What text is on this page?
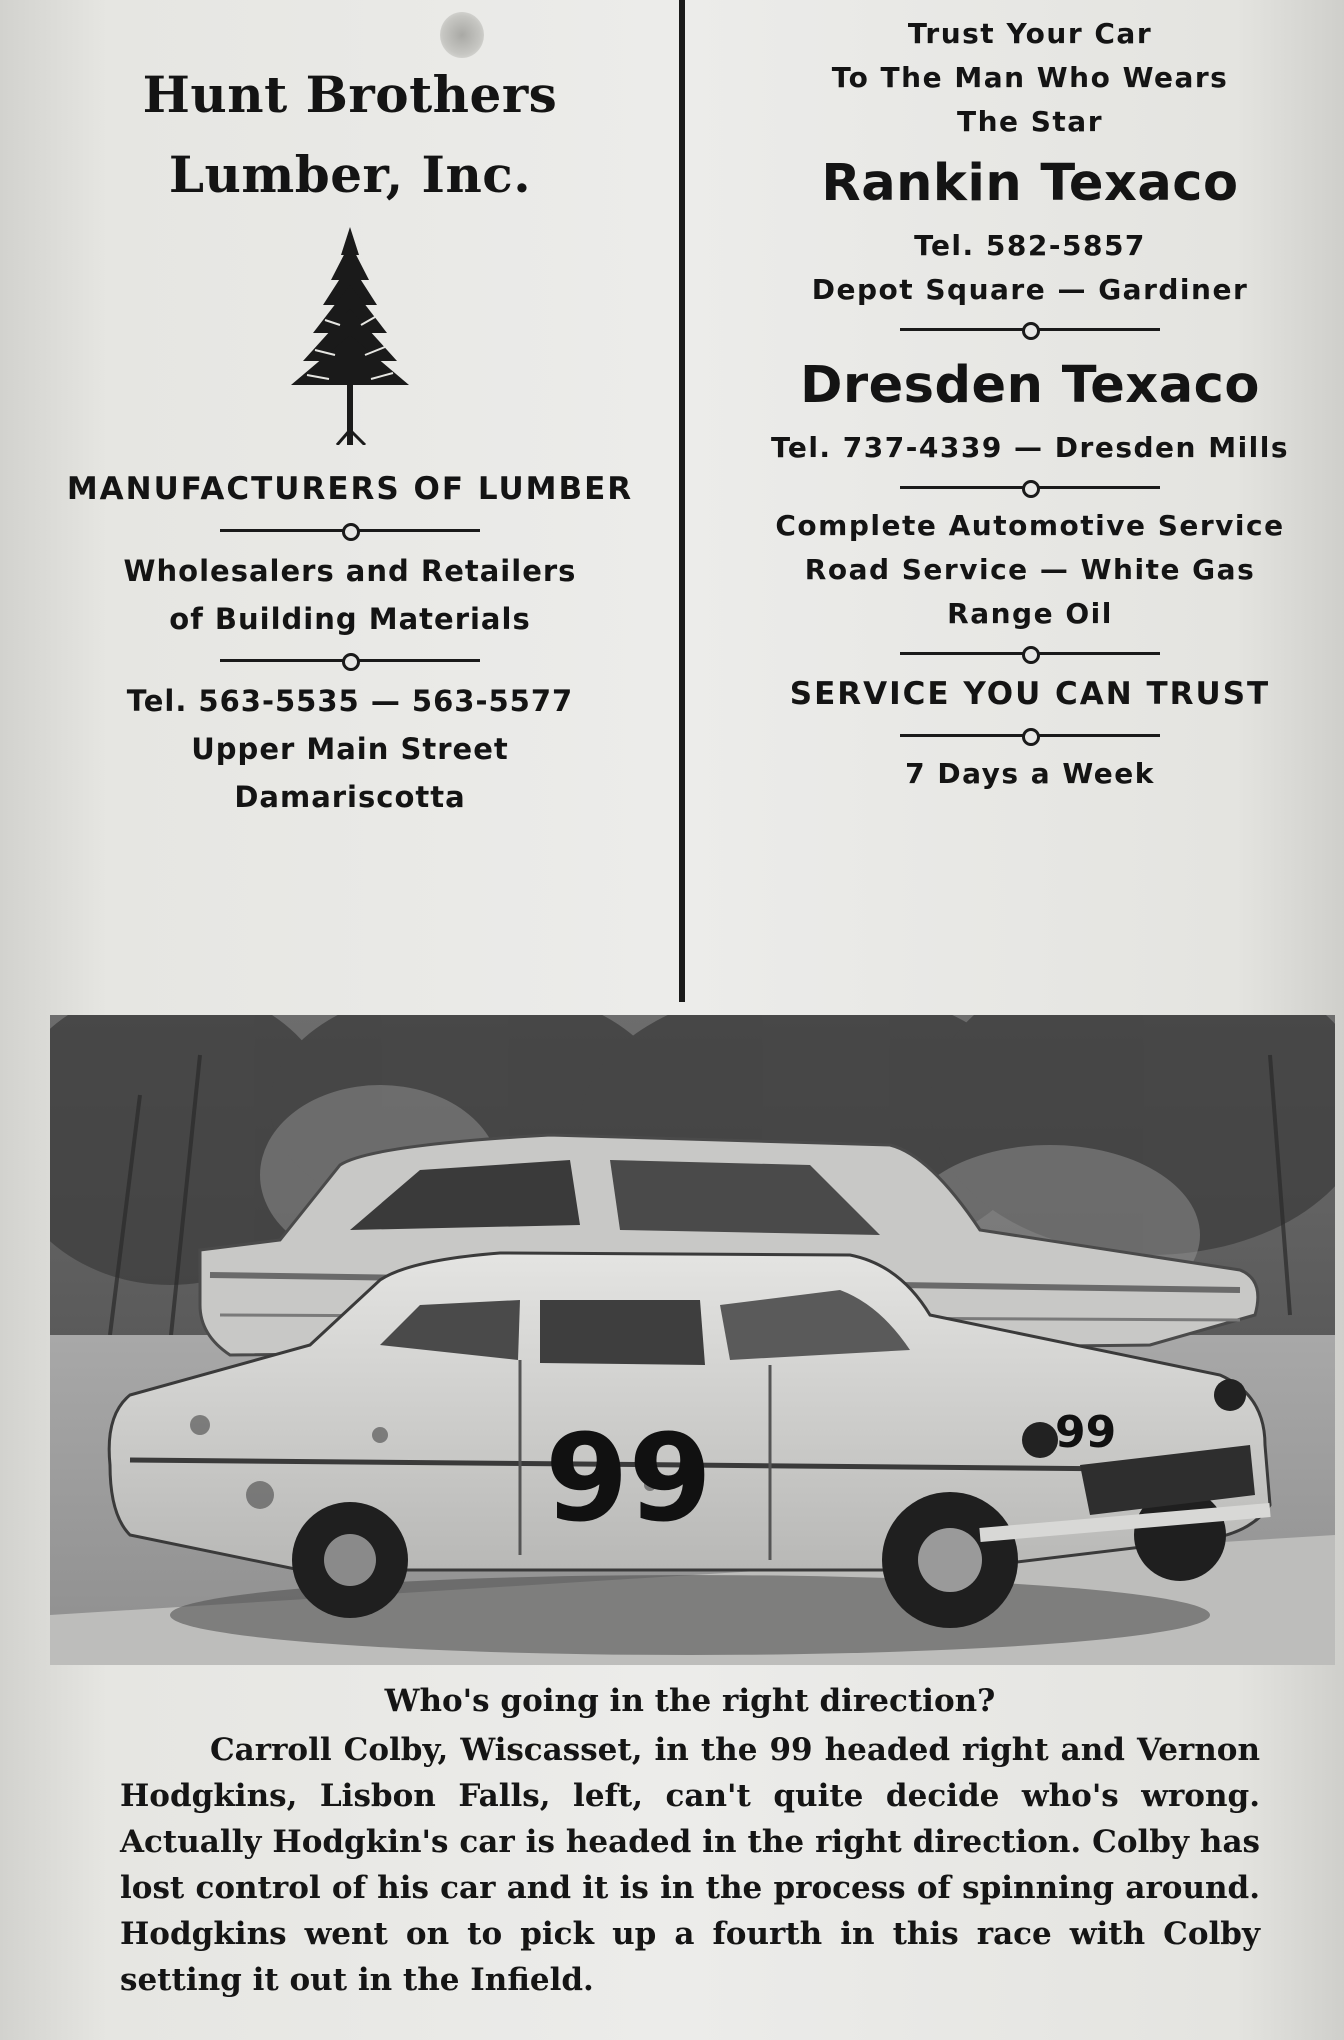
Hunt Brothers
Lumber, Inc.
MANUFACTURERS OF LUMBER
Wholesalers and Retailers
of Building Materials
Tel. 563-5535 — 563-5577
Upper Main Street
Damariscotta
Trust Your Car
To The Man Who Wears
The Star
Rankin Texaco
Tel. 582-5857
Depot Square — Gardiner
Dresden Texaco
Tel. 737-4339 — Dresden Mills
Complete Automotive Service
Road Service — White Gas
Range Oil
SERVICE YOU CAN TRUST
7 Days a Week
99	99
Who's going in the right direction?
Carroll Colby, Wiscasset, in the 99 headed right and Vernon Hodgkins, Lisbon Falls, left, can't quite decide who's wrong. Actually Hodgkin's car is headed in the right direction. Colby has lost control of his car and it is in the process of spinning around. Hodgkins went on to pick up a fourth in this race with Colby setting it out in the Infield.
